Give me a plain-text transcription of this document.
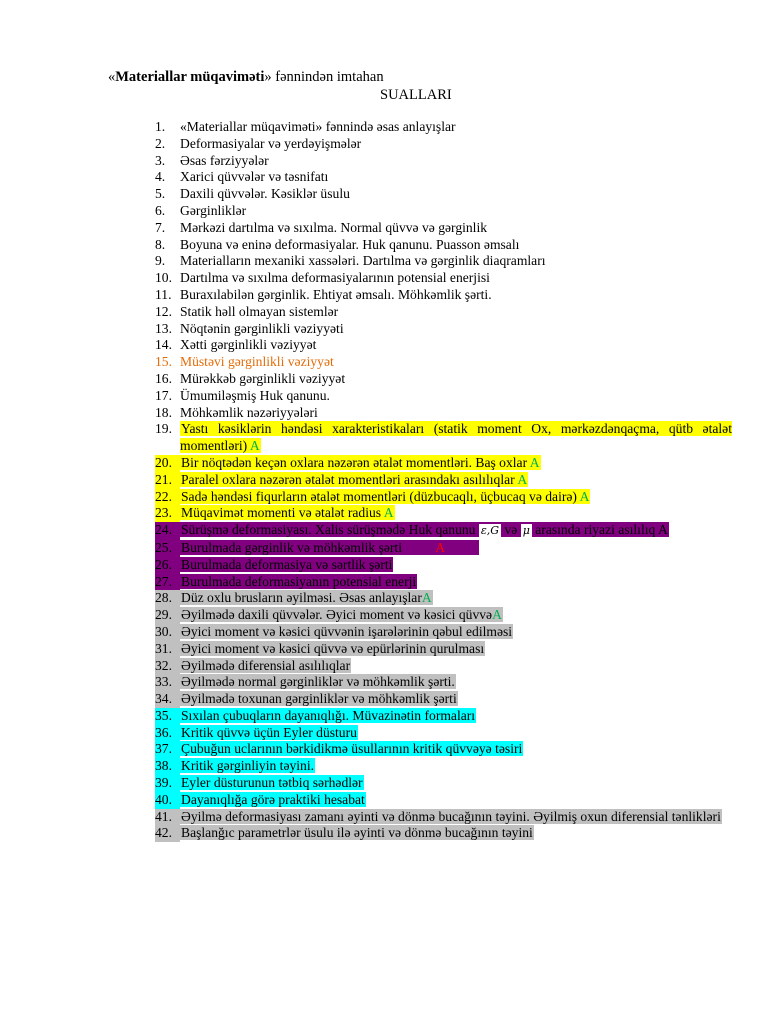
«Materiallar müqaviməti» fənnindən imtahan
SUALLARI
1.	«Materiallar müqaviməti» fənnində əsas anlayışlar
2.	Deformasiyalar və yerdəyişmələr
3.	Əsas fərziyyələr
4.	Xarici qüvvələr və təsnifatı
5.	Daxili qüvvələr. Kəsiklər üsulu
6.	Gərginliklər
7.	Mərkəzi dartılma və sıxılma. Normal qüvvə və gərginlik
8.	Boyuna və eninə deformasiyalar. Huk qanunu. Puasson əmsalı
9.	Materialların mexaniki xassələri. Dartılma və gərginlik diaqramları
10. Dartılma və sıxılma deformasiyalarının potensial enerjisi
11. Buraxılabilən gərginlik. Ehtiyat əmsalı. Möhkəmlik şərti.
12. Statik həll olmayan sistemlər
13. Nöqtənin gərginlikli vəziyyəti
14. Xətti gərginlikli vəziyyət
15. Müstəvi gərginlikli vəziyyət
16. Mürəkkəb gərginlikli vəziyyət
17. Ümumiləşmiş Huk qanunu.
18. Möhkəmlik nəzəriyyələri
19. Yastı kəsiklərin həndəsi xarakteristikaları (statik moment Ox, mərkəzdənqaçma, qütb ətalət momentləri) A
20. Bir nöqtədən keçən oxlara nəzərən ətalət momentləri. Baş oxlar A
21. Paralel oxlara nəzərən ətalət momentləri arasındakı asılılıqlar A
22. Sadə həndəsi fiqurların ətalət momentləri (düzbucaqlı, üçbucaq və dairə) A
23. Müqavimət momenti və ətalət radius A
24. Sürüşmə deformasiyası. Xalis sürüşmədə Huk qanunu ε,G və μ arasında riyazi asılılıq A
25. Burulmada gərginlik və möhkəmlik şərti          A
26. Burulmada deformasiya və sərtlik şərti
27. Burulmada deformasiyanın potensial enerji
28. Düz oxlu brusların əyilməsi. Əsas anlayışlarA
29. Əyilmədə daxili qüvvələr. Əyici moment və kəsici qüvvəA
30. Əyici moment və kəsici qüvvənin işarələrinin qəbul edilməsi
31. Əyici moment və kəsici qüvvə və epürlərinin qurulması
32. Əyilmədə diferensial asılılıqlar
33. Əyilmədə normal gərginliklər və möhkəmlik şərti.
34. Əyilmədə toxunan gərginliklər və möhkəmlik şərti
35. Sıxılan çubuqların dayanıqlığı. Müvazinətin formaları
36. Kritik qüvvə üçün Eyler düsturu
37. Çubuğun uclarının bərkidikmə üsullarının kritik qüvvəyə təsiri
38. Kritik gərginliyin təyini.
39. Eyler düsturunun tətbiq sərhədlər
40. Dayanıqlığa görə praktiki hesabat
41. Əyilmə deformasiyası zamanı əyinti və dönmə bucağının təyini. Əyilmiş oxun diferensial tənlikləri
42. Başlanğıc parametrlər üsulu ilə əyinti və dönmə bucağının təyini
